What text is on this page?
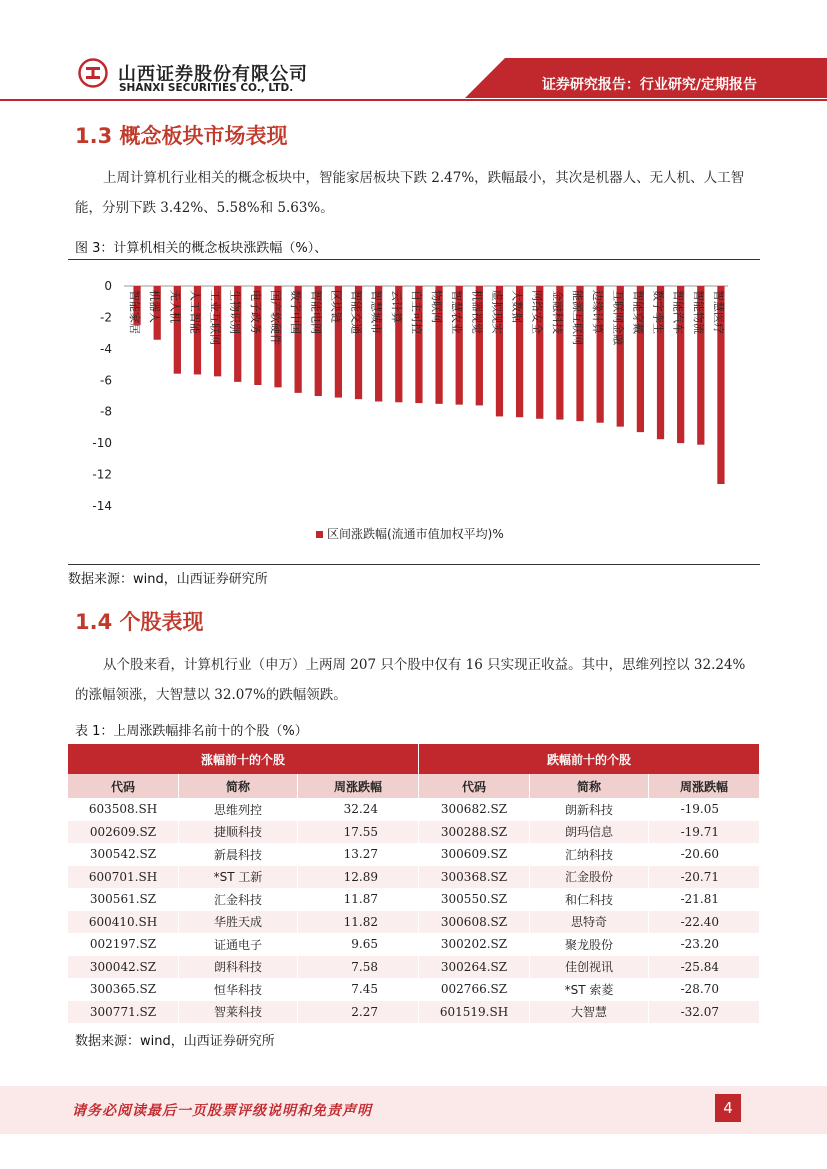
山西证券股份有限公司
SHANXI SECURITIES CO., LTD.	证券研究报告：行业研究/定期报告
1.3 概念板块市场表现
上周计算机行业相关的概念板块中，智能家居板块下跌 2.47%，跌幅最小，其次是机器人、无人机、人工智能，分别下跌 3.42%、5.58%和 5.63%。
图 3：计算机相关的概念板块涨跌幅（%）、
0
-2
-4
-6
-8
-10
-12
-14
智能家居 机器人 无人机 人工智能 工业互联网 生物识别 电子政务 国产软硬件 数字中国 智能电网 区块链 智能交通 智慧城市 云计算 自主可控 物联网 智慧农业 机器视觉 虚拟现实 大数据 网络安全 金融科技 能源互联网 边缘计算 互联网金融 智能穿戴 数字孪生 智能汽车 智能物流 智慧医疗
区间涨跌幅(流通市值加权平均)%
数据来源：wind，山西证券研究所
1.4 个股表现
从个股来看，计算机行业（申万）上两周 207 只个股中仅有 16 只实现正收益。其中，思维列控以 32.24%的涨幅领涨，大智慧以 32.07%的跌幅领跌。
表 1：上周涨跌幅排名前十的个股（%）
涨幅前十的个股			跌幅前十的个股		
代码	简称	周涨跌幅	代码	简称	周涨跌幅
603508.SH	思维列控	32.24	300682.SZ	朗新科技	-19.05
002609.SZ	捷顺科技	17.55	300288.SZ	朗玛信息	-19.71
300542.SZ	新晨科技	13.27	300609.SZ	汇纳科技	-20.60
600701.SH	*ST 工新	12.89	300368.SZ	汇金股份	-20.71
300561.SZ	汇金科技	11.87	300550.SZ	和仁科技	-21.81
600410.SH	华胜天成	11.82	300608.SZ	思特奇	-22.40
002197.SZ	证通电子	9.65	300202.SZ	聚龙股份	-23.20
300042.SZ	朗科科技	7.58	300264.SZ	佳创视讯	-25.84
300365.SZ	恒华科技	7.45	002766.SZ	*ST 索菱	-28.70
300771.SZ	智莱科技	2.27	601519.SH	大智慧	-32.07
数据来源：wind，山西证券研究所
请务必阅读最后一页股票评级说明和免责声明	4
